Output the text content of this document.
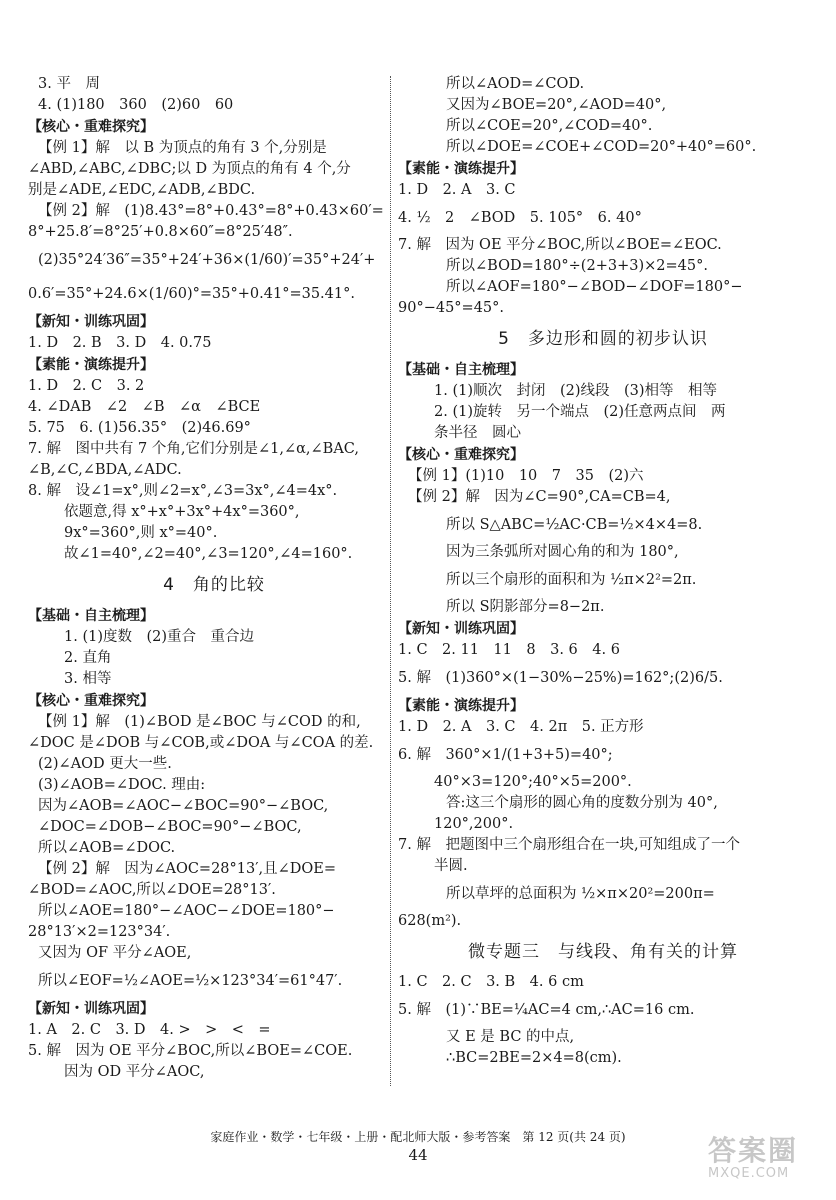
3. 平　周
4. (1)180　360　(2)60　60
【核心・重难探究】
【例 1】解　以 B 为顶点的角有 3 个,分别是
∠ABD,∠ABC,∠DBC;以 D 为顶点的角有 4 个,分
别是∠ADE,∠EDC,∠ADB,∠BDC.
【例 2】解　(1)8.43°=8°+0.43°=8°+0.43×60′=
8°+25.8′=8°25′+0.8×60″=8°25′48″.
(2)35°24′36″=35°+24′+36×(1/60)′=35°+24′+
0.6′=35°+24.6×(1/60)°=35°+0.41°=35.41°.
【新知・训练巩固】
1. D　2. B　3. D　4. 0.75
【素能・演练提升】
1. D　2. C　3. 2
4. ∠DAB　∠2　∠B　∠α　∠BCE
5. 75　6. (1)56.35°　(2)46.69°
7. 解　图中共有 7 个角,它们分别是∠1,∠α,∠BAC,
∠B,∠C,∠BDA,∠ADC.
8. 解　设∠1=x°,则∠2=x°,∠3=3x°,∠4=4x°.
依题意,得 x°+x°+3x°+4x°=360°,
9x°=360°,则 x°=40°.
故∠1=40°,∠2=40°,∠3=120°,∠4=160°.
4　角的比较
【基础・自主梳理】
1. (1)度数　(2)重合　重合边
2. 直角
3. 相等
【核心・重难探究】
【例 1】解　(1)∠BOD 是∠BOC 与∠COD 的和,
∠DOC 是∠DOB 与∠COB,或∠DOA 与∠COA 的差.
(2)∠AOD 更大一些.
(3)∠AOB=∠DOC. 理由:
因为∠AOB=∠AOC−∠BOC=90°−∠BOC,
∠DOC=∠DOB−∠BOC=90°−∠BOC,
所以∠AOB=∠DOC.
【例 2】解　因为∠AOC=28°13′,且∠DOE=
∠BOD=∠AOC,所以∠DOE=28°13′.
所以∠AOE=180°−∠AOC−∠DOE=180°−
28°13′×2=123°34′.
又因为 OF 平分∠AOE,
所以∠EOF=½∠AOE=½×123°34′=61°47′.
【新知・训练巩固】
1. A　2. C　3. D　4. >　>　<　=
5. 解　因为 OE 平分∠BOC,所以∠BOE=∠COE.
因为 OD 平分∠AOC,
所以∠AOD=∠COD.
又因为∠BOE=20°,∠AOD=40°,
所以∠COE=20°,∠COD=40°.
所以∠DOE=∠COE+∠COD=20°+40°=60°.
【素能・演练提升】
1. D　2. A　3. C
4. ½　2　∠BOD　5. 105°　6. 40°
7. 解　因为 OE 平分∠BOC,所以∠BOE=∠EOC.
所以∠BOD=180°÷(2+3+3)×2=45°.
所以∠AOF=180°−∠BOD−∠DOF=180°−
90°−45°=45°.
5　多边形和圆的初步认识
【基础・自主梳理】
1. (1)顺次　封闭　(2)线段　(3)相等　相等
2. (1)旋转　另一个端点　(2)任意两点间　两
条半径　圆心
【核心・重难探究】
【例 1】(1)10　10　7　35　(2)六
【例 2】解　因为∠C=90°,CA=CB=4,
所以 S△ABC=½AC·CB=½×4×4=8.
因为三条弧所对圆心角的和为 180°,
所以三个扇形的面积和为 ½π×2²=2π.
所以 S阴影部分=8−2π.
【新知・训练巩固】
1. C　2. 11　11　8　3. 6　4. 6
5. 解　(1)360°×(1−30%−25%)=162°;(2)6/5.
【素能・演练提升】
1. D　2. A　3. C　4. 2π　5. 正方形
6. 解　360°×1/(1+3+5)=40°;
40°×3=120°;40°×5=200°.
答:这三个扇形的圆心角的度数分别为 40°,
120°,200°.
7. 解　把题图中三个扇形组合在一块,可知组成了一个
半圆.
所以草坪的总面积为 ½×π×20²=200π=
628(m²).
微专题三　与线段、角有关的计算
1. C　2. C　3. B　4. 6 cm
5. 解　(1)∵BE=¼AC=4 cm,∴AC=16 cm.
又 E 是 BC 的中点,
∴BC=2BE=2×4=8(cm).
家庭作业・数学・七年级・上册・配北师大版・参考答案　第 12 页(共 24 页)
44	答案圈
MXQE.COM
